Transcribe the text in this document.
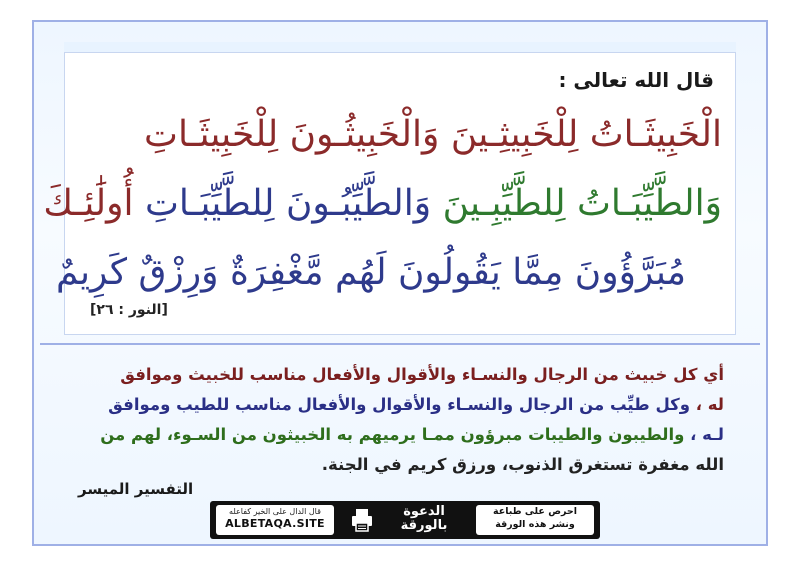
قال الله تعالى :
الْخَبِيثَـاتُ لِلْخَبِيثِـينَ وَالْخَبِيثُـونَ لِلْخَبِيثَـاتِ
وَالطَّيِّبَـاتُ لِلطَّيِّبِـينَ وَالطَّيِّبُـونَ لِلطَّيِّبَـاتِ أُولَٰئِـكَ
مُبَرَّؤُونَ مِمَّا يَقُولُونَ لَهُم مَّغْفِرَةٌ وَرِزْقٌ كَرِيمٌ
[النور : ٢٦]
أي كل خبيث من الرجال والنسـاء والأقوال والأفعال مناسب للخبيث وموافق
له ، وكل طيِّب من الرجال والنسـاء والأقوال والأفعال مناسب للطيب وموافق
لـه ، والطيبون والطيبات مبرؤون ممـا يرميهم به الخبيثون من السـوء، لهم من
الله مغفرة تستغرق الذنوب، ورزق كريم في الجنة.
التفسير الميسر
قال الدال على الخير كفاعله
ALBETAQA.SITE
الدعوة
بالورقة
احرص على طباعة
ونشر هذه الورقة
